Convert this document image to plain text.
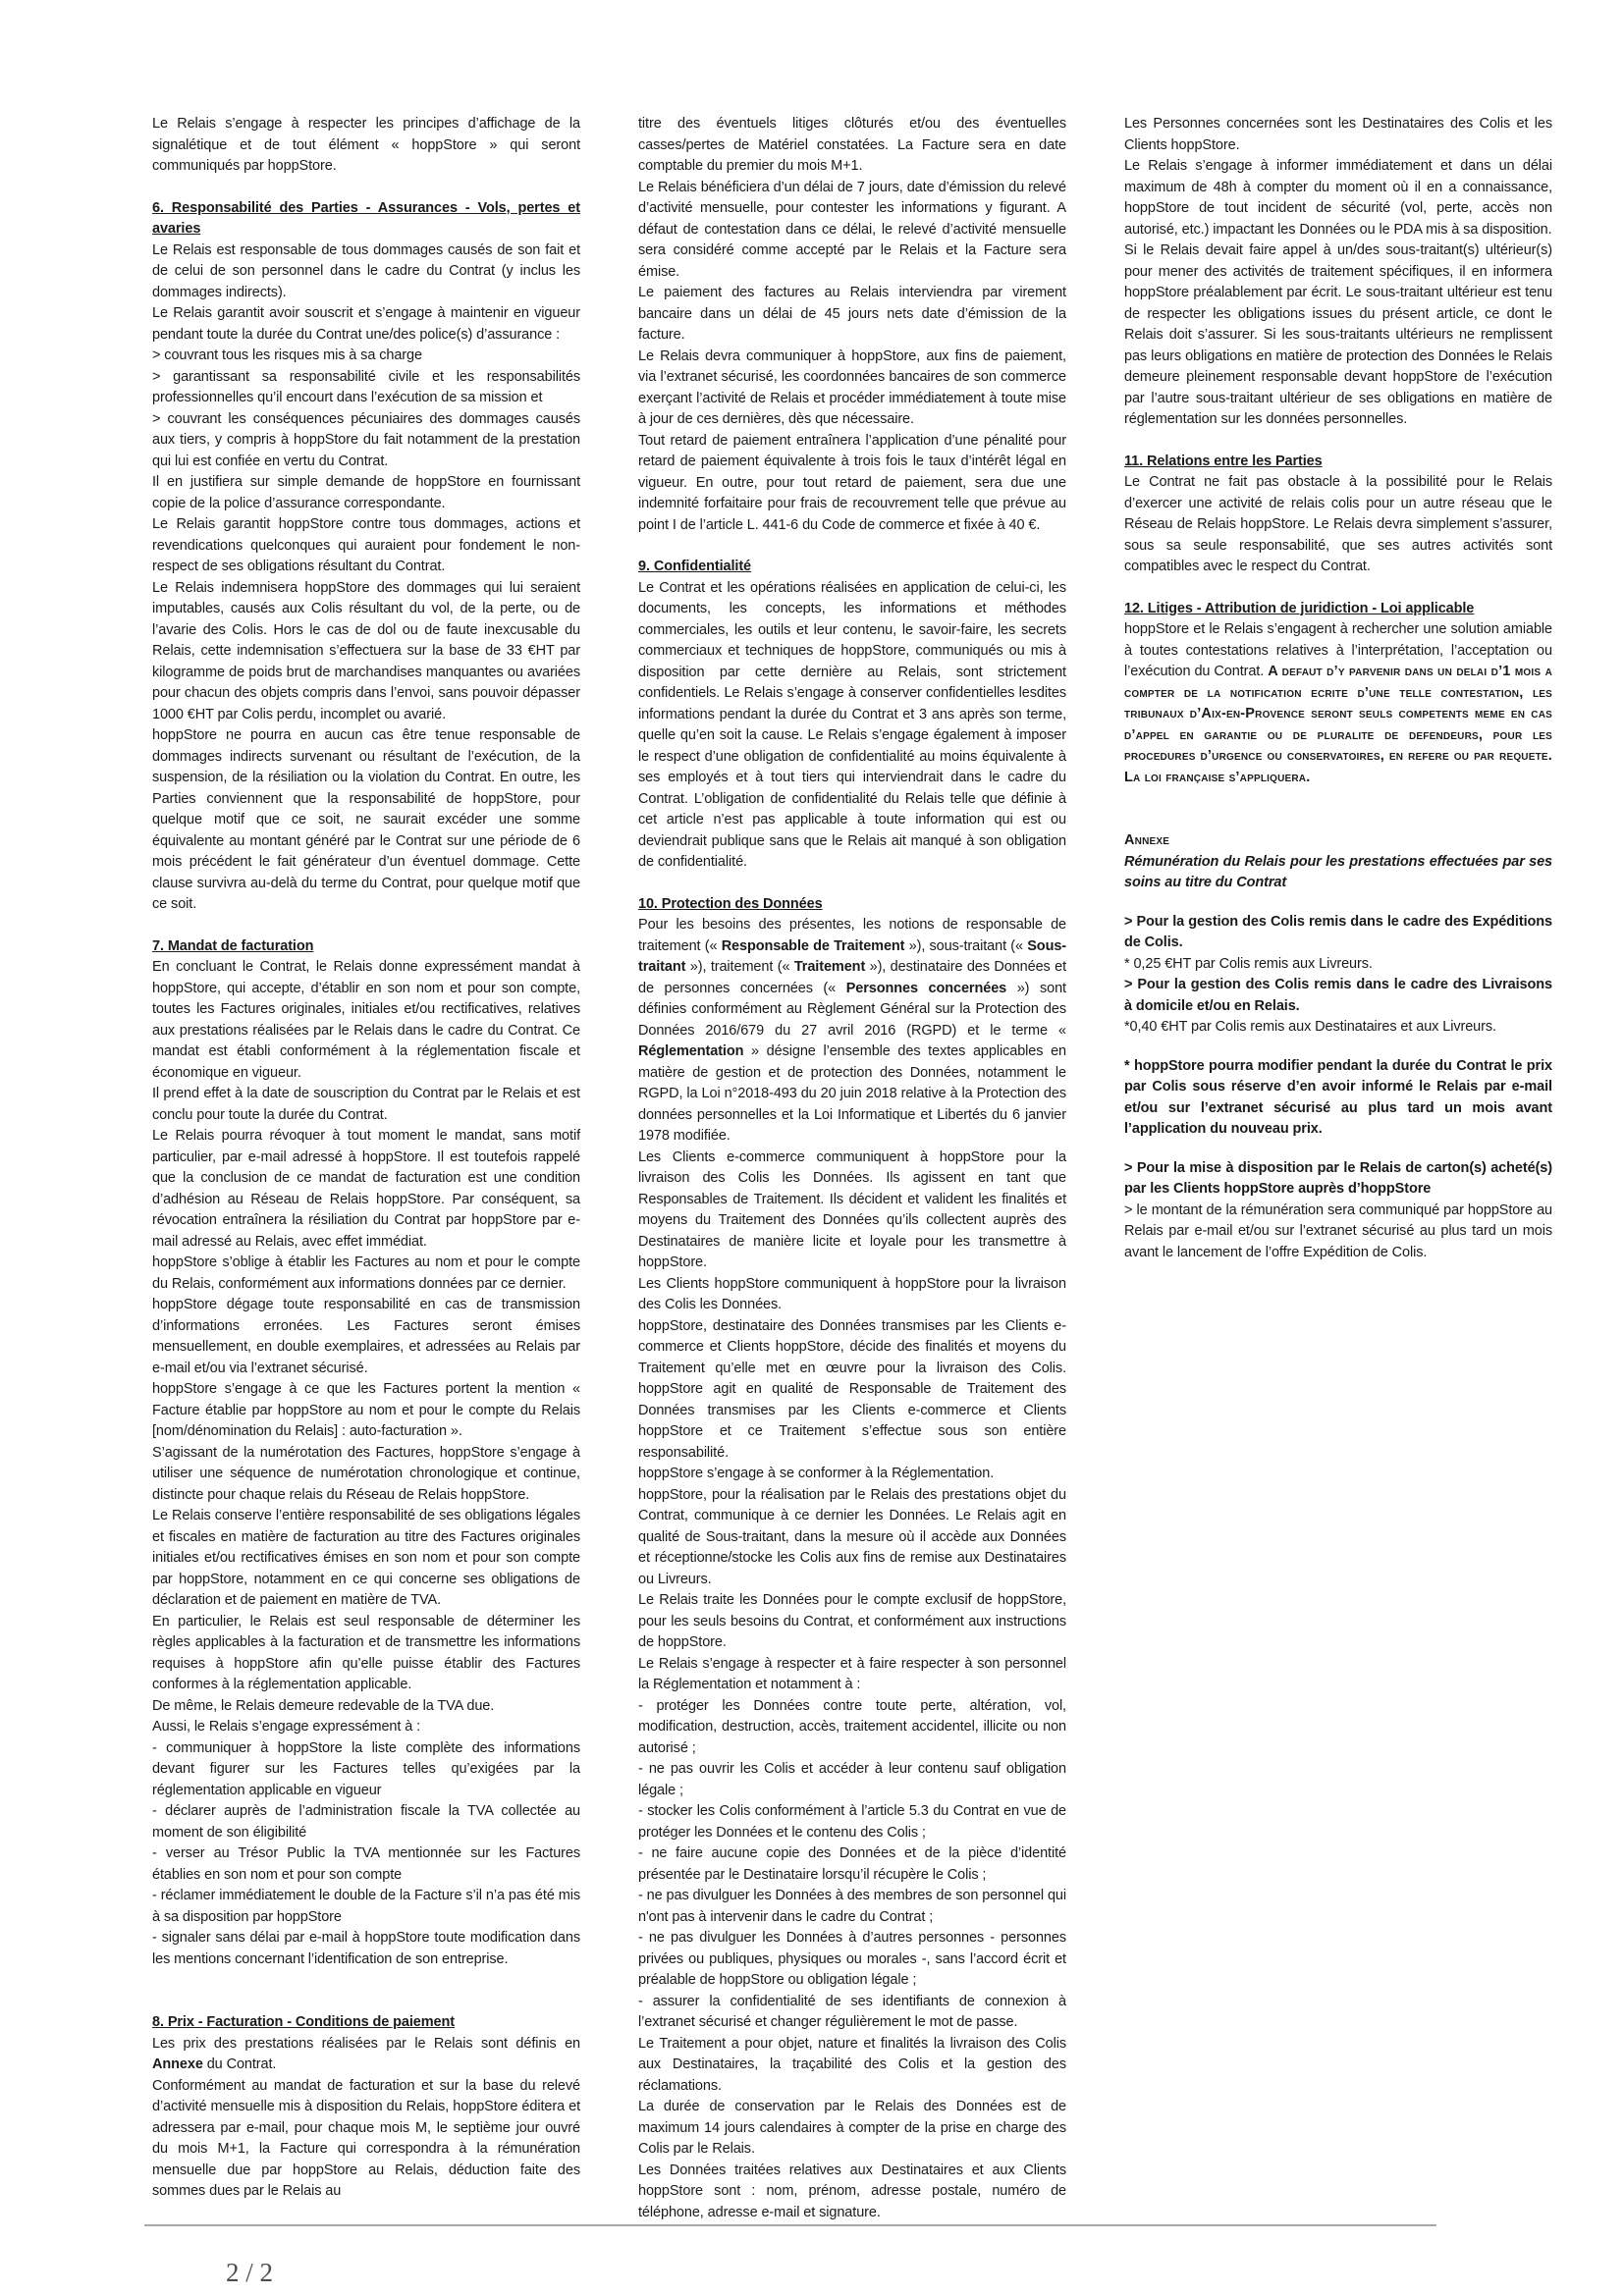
Le Relais s’engage à respecter les principes d’affichage de la signalétique et de tout élément « hoppStore » qui seront communiqués par hoppStore.

6. Responsabilité des Parties - Assurances - Vols, pertes et avaries

Le Relais est responsable de tous dommages causés de son fait et de celui de son personnel dans le cadre du Contrat (y inclus les dommages indirects).

Le Relais garantit avoir souscrit et s’engage à maintenir en vigueur pendant toute la durée du Contrat une/des police(s) d’assurance :

> couvrant tous les risques mis à sa charge

> garantissant sa responsabilité civile et les responsabilités professionnelles qu’il encourt dans l’exécution de sa mission et

> couvrant les conséquences pécuniaires des dommages causés aux tiers, y compris à hoppStore du fait notamment de la prestation qui lui est confiée en vertu du Contrat.

Il en justifiera sur simple demande de hoppStore en fournissant copie de la police d’assurance correspondante.

Le Relais garantit hoppStore contre tous dommages, actions et revendications quelconques qui auraient pour fondement le non-respect de ses obligations résultant du Contrat.

Le Relais indemnisera hoppStore des dommages qui lui seraient imputables, causés aux Colis résultant du vol, de la perte, ou de l’avarie des Colis. Hors le cas de dol ou de faute inexcusable du Relais, cette indemnisation s’effectuera sur la base de 33 €HT par kilogramme de poids brut de marchandises manquantes ou avariées pour chacun des objets compris dans l’envoi, sans pouvoir dépasser 1000 €HT par Colis perdu, incomplet ou avarié.

hoppStore ne pourra en aucun cas être tenue responsable de dommages indirects survenant ou résultant de l’exécution, de la suspension, de la résiliation ou la violation du Contrat. En outre, les Parties conviennent que la responsabilité de hoppStore, pour quelque motif que ce soit, ne saurait excéder une somme équivalente au montant généré par le Contrat sur une période de 6 mois précédent le fait générateur d’un éventuel dommage. Cette clause survivra au-delà du terme du Contrat, pour quelque motif que ce soit.

7. Mandat de facturation

En concluant le Contrat, le Relais donne expressément mandat à hoppStore, qui accepte, d’établir en son nom et pour son compte, toutes les Factures originales, initiales et/ou rectificatives, relatives aux prestations réalisées par le Relais dans le cadre du Contrat. Ce mandat est établi conformément à la réglementation fiscale et économique en vigueur.

Il prend effet à la date de souscription du Contrat par le Relais et est conclu pour toute la durée du Contrat.

Le Relais pourra révoquer à tout moment le mandat, sans motif particulier, par e-mail adressé à hoppStore. Il est toutefois rappelé que la conclusion de ce mandat de facturation est une condition d’adhésion au Réseau de Relais hoppStore. Par conséquent, sa révocation entraînera la résiliation du Contrat par hoppStore par e-mail adressé au Relais, avec effet immédiat.

hoppStore s’oblige à établir les Factures au nom et pour le compte du Relais, conformément aux informations données par ce dernier.

hoppStore dégage toute responsabilité en cas de transmission d’informations erronées. Les Factures seront émises mensuellement, en double exemplaires, et adressées au Relais par e-mail et/ou via l’extranet sécurisé.

hoppStore s’engage à ce que les Factures portent la mention « Facture établie par hoppStore au nom et pour le compte du Relais [nom/dénomination du Relais] : auto-facturation ».

S’agissant de la numérotation des Factures, hoppStore s’engage à utiliser une séquence de numérotation chronologique et continue, distincte pour chaque relais du Réseau de Relais hoppStore.

Le Relais conserve l’entière responsabilité de ses obligations légales et fiscales en matière de facturation au titre des Factures originales initiales et/ou rectificatives émises en son nom et pour son compte par hoppStore, notamment en ce qui concerne ses obligations de déclaration et de paiement en matière de TVA.

En particulier, le Relais est seul responsable de déterminer les règles applicables à la facturation et de transmettre les informations requises à hoppStore afin qu’elle puisse établir des Factures conformes à la réglementation applicable.

De même, le Relais demeure redevable de la TVA due.

Aussi, le Relais s’engage expressément à :

- communiquer à hoppStore la liste complète des informations devant figurer sur les Factures telles qu’exigées par la réglementation applicable en vigueur

- déclarer auprès de l’administration fiscale la TVA collectée au moment de son éligibilité

- verser au Trésor Public la TVA mentionnée sur les Factures établies en son nom et pour son compte

- réclamer immédiatement le double de la Facture s’il n’a pas été mis à sa disposition par hoppStore

- signaler sans délai par e-mail à hoppStore toute modification dans les mentions concernant l’identification de son entreprise.

8. Prix - Facturation - Conditions de paiement

Les prix des prestations réalisées par le Relais sont définis en Annexe du Contrat.

Conformément au mandat de facturation et sur la base du relevé d’activité mensuelle mis à disposition du Relais, hoppStore éditera et adressera par e-mail, pour chaque mois M, le septième jour ouvré du mois M+1, la Facture qui correspondra à la rémunération mensuelle due par hoppStore au Relais, déduction faite des sommes dues par le Relais au

titre des éventuels litiges clôturés et/ou des éventuelles casses/pertes de Matériel constatées. La Facture sera en date comptable du premier du mois M+1.

Le Relais bénéficiera d’un délai de 7 jours, date d’émission du relevé d’activité mensuelle, pour contester les informations y figurant. A défaut de contestation dans ce délai, le relevé d’activité mensuelle sera considéré comme accepté par le Relais et la Facture sera émise.

Le paiement des factures au Relais interviendra par virement bancaire dans un délai de 45 jours nets date d’émission de la facture.

Le Relais devra communiquer à hoppStore, aux fins de paiement, via l’extranet sécurisé, les coordonnées bancaires de son commerce exerçant l’activité de Relais et procéder immédiatement à toute mise à jour de ces dernières, dès que nécessaire.

Tout retard de paiement entraînera l’application d’une pénalité pour retard de paiement équivalente à trois fois le taux d’intérêt légal en vigueur. En outre, pour tout retard de paiement, sera due une indemnité forfaitaire pour frais de recouvrement telle que prévue au point I de l’article L. 441-6 du Code de commerce et fixée à 40 €.

9. Confidentialité

Le Contrat et les opérations réalisées en application de celui-ci, les documents, les concepts, les informations et méthodes commerciales, les outils et leur contenu, le savoir-faire, les secrets commerciaux et techniques de hoppStore, communiqués ou mis à disposition par cette dernière au Relais, sont strictement confidentiels. Le Relais s’engage à conserver confidentielles lesdites informations pendant la durée du Contrat et 3 ans après son terme, quelle qu’en soit la cause. Le Relais s’engage également à imposer le respect d’une obligation de confidentialité au moins équivalente à ses employés et à tout tiers qui interviendrait dans le cadre du Contrat. L’obligation de confidentialité du Relais telle que définie à cet article n’est pas applicable à toute information qui est ou deviendrait publique sans que le Relais ait manqué à son obligation de confidentialité.

10. Protection des Données

Pour les besoins des présentes, les notions de responsable de traitement (« Responsable de Traitement »), sous-traitant (« Sous-traitant »), traitement (« Traitement »), destinataire des Données et de personnes concernées (« Personnes concernées ») sont définies conformément au Règlement Général sur la Protection des Données 2016/679 du 27 avril 2016 (RGPD) et le terme « Réglementation » désigne l’ensemble des textes applicables en matière de gestion et de protection des Données, notamment le RGPD, la Loi n°2018-493 du 20 juin 2018 relative à la Protection des données personnelles et la Loi Informatique et Libertés du 6 janvier 1978 modifiée.

Les Clients e-commerce communiquent à hoppStore pour la livraison des Colis les Données. Ils agissent en tant que Responsables de Traitement. Ils décident et valident les finalités et moyens du Traitement des Données qu’ils collectent auprès des Destinataires de manière licite et loyale pour les transmettre à hoppStore.

Les Clients hoppStore communiquent à hoppStore pour la livraison des Colis les Données.

hoppStore, destinataire des Données transmises par les Clients e-commerce et Clients hoppStore, décide des finalités et moyens du Traitement qu’elle met en œuvre pour la livraison des Colis. hoppStore agit en qualité de Responsable de Traitement des Données transmises par les Clients e-commerce et Clients hoppStore et ce Traitement s’effectue sous son entière responsabilité.

hoppStore s’engage à se conformer à la Réglementation.

hoppStore, pour la réalisation par le Relais des prestations objet du Contrat, communique à ce dernier les Données. Le Relais agit en qualité de Sous-traitant, dans la mesure où il accède aux Données et réceptionne/stocke les Colis aux fins de remise aux Destinataires ou Livreurs.

Le Relais traite les Données pour le compte exclusif de hoppStore, pour les seuls besoins du Contrat, et conformément aux instructions de hoppStore.

Le Relais s’engage à respecter et à faire respecter à son personnel la Réglementation et notamment à :

- protéger les Données contre toute perte, altération, vol, modification, destruction, accès, traitement accidentel, illicite ou non autorisé ;

- ne pas ouvrir les Colis et accéder à leur contenu sauf obligation légale ;

- stocker les Colis conformément à l’article 5.3 du Contrat en vue de protéger les Données et le contenu des Colis ;

- ne faire aucune copie des Données et de la pièce d’identité présentée par le Destinataire lorsqu’il récupère le Colis ;

- ne pas divulguer les Données à des membres de son personnel qui n'ont pas à intervenir dans le cadre du Contrat ;

- ne pas divulguer les Données à d’autres personnes - personnes privées ou publiques, physiques ou morales -, sans l’accord écrit et préalable de hoppStore ou obligation légale ;

- assurer la confidentialité de ses identifiants de connexion à l’extranet sécurisé et changer régulièrement le mot de passe.

Le Traitement a pour objet, nature et finalités la livraison des Colis aux Destinataires, la traçabilité des Colis et la gestion des réclamations.

La durée de conservation par le Relais des Données est de maximum 14 jours calendaires à compter de la prise en charge des Colis par le Relais.

Les Données traitées relatives aux Destinataires et aux Clients hoppStore sont : nom, prénom, adresse postale, numéro de téléphone, adresse e-mail et signature.

Les Personnes concernées sont les Destinataires des Colis et les Clients hoppStore.

Le Relais s’engage à informer immédiatement et dans un délai maximum de 48h à compter du moment où il en a connaissance, hoppStore de tout incident de sécurité (vol, perte, accès non autorisé, etc.) impactant les Données ou le PDA mis à sa disposition.

Si le Relais devait faire appel à un/des sous-traitant(s) ultérieur(s) pour mener des activités de traitement spécifiques, il en informera hoppStore préalablement par écrit. Le sous-traitant ultérieur est tenu de respecter les obligations issues du présent article, ce dont le Relais doit s’assurer. Si les sous-traitants ultérieurs ne remplissent pas leurs obligations en matière de protection des Données le Relais demeure pleinement responsable devant hoppStore de l’exécution par l’autre sous-traitant ultérieur de ses obligations en matière de réglementation sur les données personnelles.

11. Relations entre les Parties

Le Contrat ne fait pas obstacle à la possibilité pour le Relais d’exercer une activité de relais colis pour un autre réseau que le Réseau de Relais hoppStore. Le Relais devra simplement s’assurer, sous sa seule responsabilité, que ses autres activités sont compatibles avec le respect du Contrat.

12. Litiges - Attribution de juridiction - Loi applicable

hoppStore et le Relais s’engagent à rechercher une solution amiable à toutes contestations relatives à l’interprétation, l’acceptation ou l’exécution du Contrat. A defaut d’y parvenir dans un delai d’1 mois a compter de la notification ecrite d’une telle contestation, les tribunaux d’Aix-en-Provence seront seuls competents meme en cas d’appel en garantie ou de pluralite de defendeurs, pour les procedures d’urgence ou conservatoires, en refere ou par requete. La loi française s’appliquera.

Annexe

Rémunération du Relais pour les prestations effectuées par ses soins au titre du Contrat

> Pour la gestion des Colis remis dans le cadre des Expéditions de Colis.

* 0,25 €HT par Colis remis aux Livreurs.

> Pour la gestion des Colis remis dans le cadre des Livraisons à domicile et/ou en Relais.

*0,40 €HT par Colis remis aux Destinataires et aux Livreurs.

* hoppStore pourra modifier pendant la durée du Contrat le prix par Colis sous réserve d’en avoir informé le Relais par e-mail et/ou sur l’extranet sécurisé au plus tard un mois avant l’application du nouveau prix.

> Pour la mise à disposition par le Relais de carton(s) acheté(s) par les Clients hoppStore auprès d’hoppStore

> le montant de la rémunération sera communiqué par hoppStore au Relais par e-mail et/ou sur l’extranet sécurisé au plus tard un mois avant le lancement de l’offre Expédition de Colis.

2 / 2
